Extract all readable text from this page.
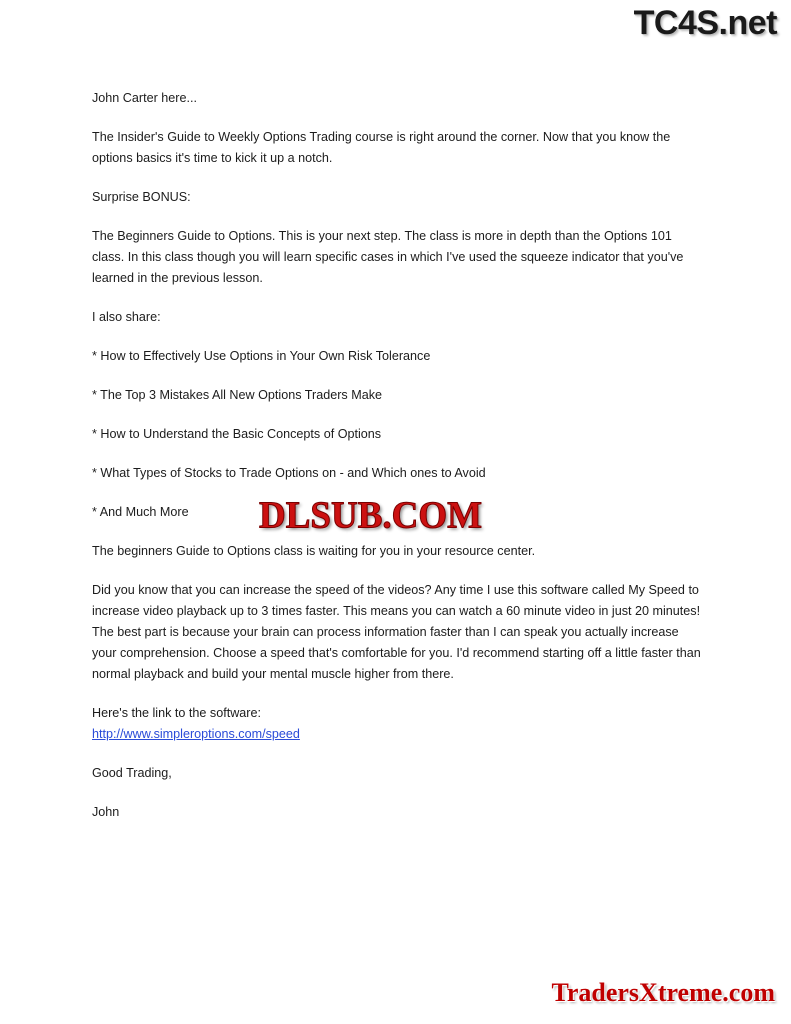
TC4S.net

John Carter here...

The Insider's Guide to Weekly Options Trading course is right around the corner. Now that you know the options basics it's time to kick it up a notch.

Surprise BONUS:

The Beginners Guide to Options. This is your next step. The class is more in depth than the Options 101 class. In this class though you will learn specific cases in which I've used the squeeze indicator that you've learned in the previous lesson.

I also share:

* How to Effectively Use Options in Your Own Risk Tolerance

* The Top 3 Mistakes All New Options Traders Make

* How to Understand the Basic Concepts of Options

* What Types of Stocks to Trade Options on - and Which ones to Avoid

* And Much More

The beginners Guide to Options class is waiting for you in your resource center.

Did you know that you can increase the speed of the videos? Any time I use this software called My Speed to increase video playback up to 3 times faster. This means you can watch a 60 minute video in just 20 minutes! The best part is because your brain can process information faster than I can speak you actually increase your comprehension. Choose a speed that's comfortable for you. I'd recommend starting off a little faster than normal playback and build your mental muscle higher from there.

Here's the link to the software:

http://www.simpleroptions.com/speed

Good Trading,

John

DLSUB.COM
TradersXtreme.com
